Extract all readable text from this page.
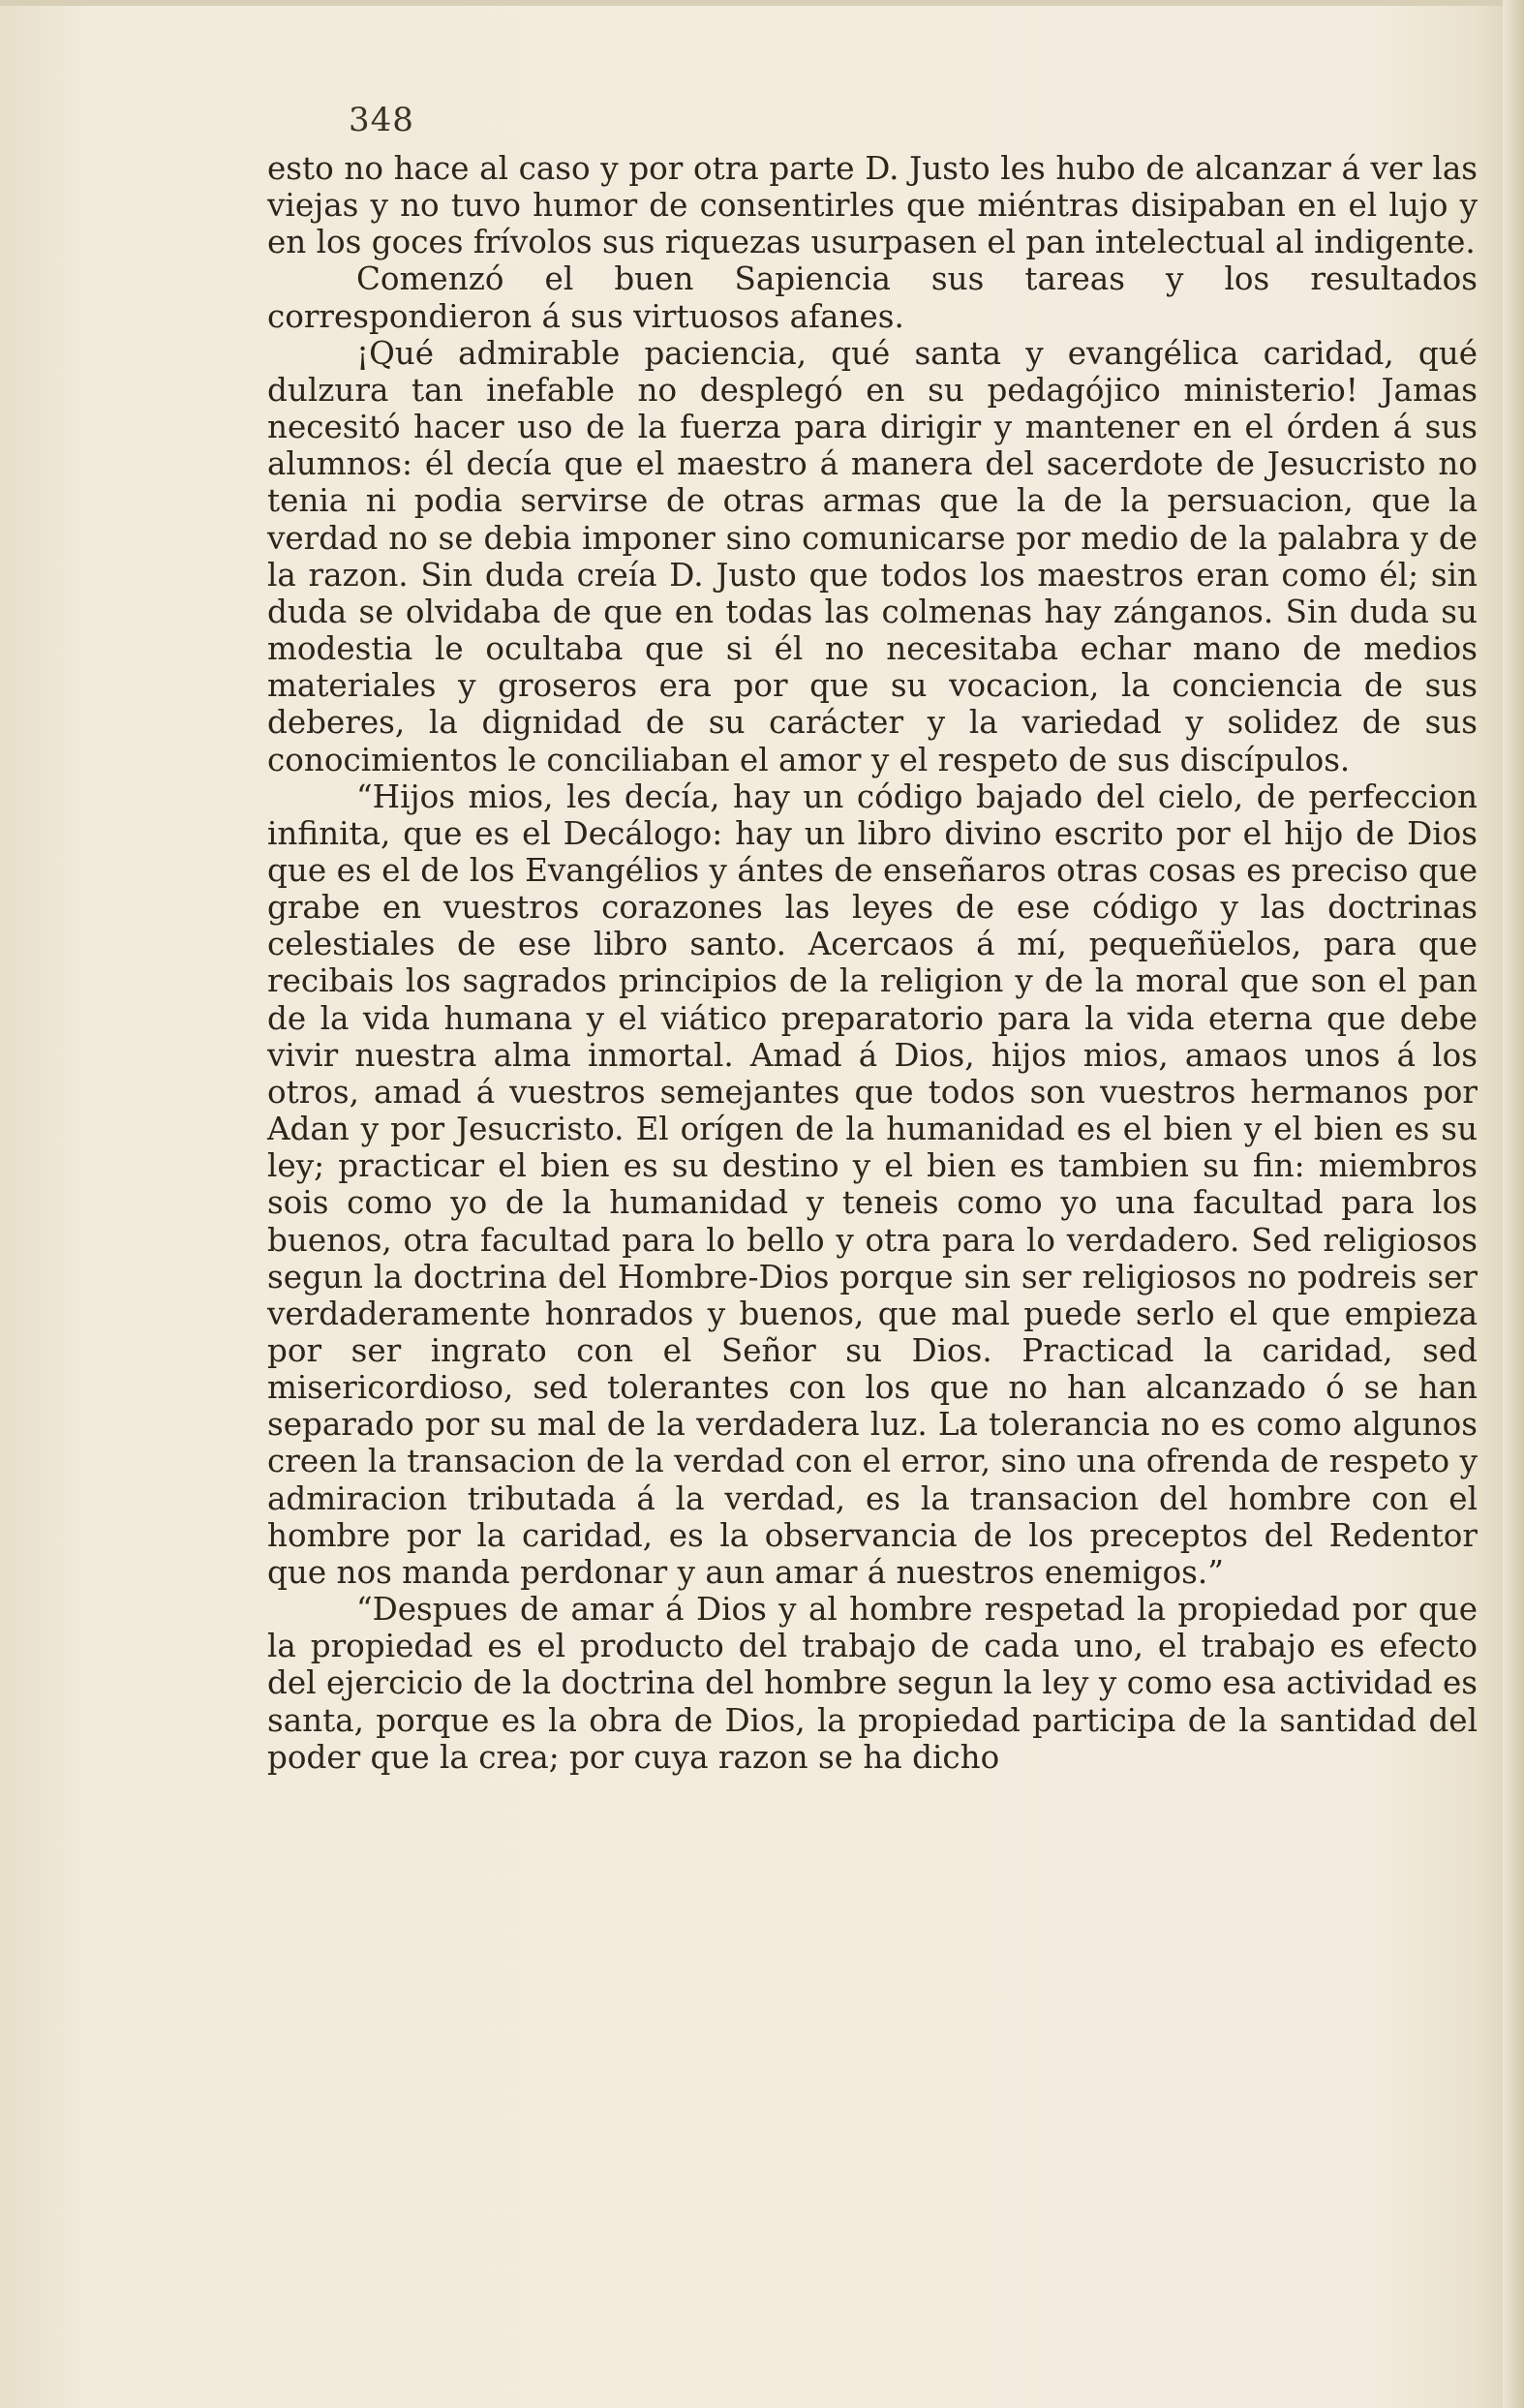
348

esto no hace al caso y por otra parte D. Justo les hubo de alcanzar á ver las viejas y no tuvo humor de consentirles que miéntras disipaban en el lujo y en los goces frívolos sus riquezas usurpasen el pan intelectual al indigente.

Comenzó el buen Sapiencia sus tareas y los resultados correspondieron á sus virtuosos afanes.

¡Qué admirable paciencia, qué santa y evangélica caridad, qué dulzura tan inefable no desplegó en su pedagójico ministerio! Jamas necesitó hacer uso de la fuerza para dirigir y mantener en el órden á sus alumnos: él decía que el maestro á manera del sacerdote de Jesucristo no tenia ni podia servirse de otras armas que la de la persuacion, que la verdad no se debia imponer sino comunicarse por medio de la palabra y de la razon. Sin duda creía D. Justo que todos los maestros eran como él; sin duda se olvidaba de que en todas las colmenas hay zánganos. Sin duda su modestia le ocultaba que si él no necesitaba echar mano de medios materiales y groseros era por que su vocacion, la conciencia de sus deberes, la dignidad de su carácter y la variedad y solidez de sus conocimientos le conciliaban el amor y el respeto de sus discípulos.

“Hijos mios, les decía, hay un código bajado del cielo, de perfeccion infinita, que es el Decálogo: hay un libro divino escrito por el hijo de Dios que es el de los Evangélios y ántes de enseñaros otras cosas es preciso que grabe en vuestros corazones las leyes de ese código y las doctrinas celestiales de ese libro santo. Acercaos á mí, pequeñüelos, para que recibais los sagrados principios de la religion y de la moral que son el pan de la vida humana y el viático preparatorio para la vida eterna que debe vivir nuestra alma inmortal. Amad á Dios, hijos mios, amaos unos á los otros, amad á vuestros semejantes que todos son vuestros hermanos por Adan y por Jesucristo. El orígen de la humanidad es el bien y el bien es su ley; practicar el bien es su destino y el bien es tambien su fin: miembros sois como yo de la humanidad y teneis como yo una facultad para los buenos, otra facultad para lo bello y otra para lo verdadero. Sed religiosos segun la doctrina del Hombre-Dios porque sin ser religiosos no podreis ser verdaderamente honrados y buenos, que mal puede serlo el que empieza por ser ingrato con el Señor su Dios. Practicad la caridad, sed misericordioso, sed tolerantes con los que no han alcanzado ó se han separado por su mal de la verdadera luz. La tolerancia no es como algunos creen la transacion de la verdad con el error, sino una ofrenda de respeto y admiracion tributada á la verdad, es la transacion del hombre con el hombre por la caridad, es la observancia de los preceptos del Redentor que nos manda perdonar y aun amar á nuestros enemigos.”

“Despues de amar á Dios y al hombre respetad la propiedad por que la propiedad es el producto del trabajo de cada uno, el trabajo es efecto del ejercicio de la doctrina del hombre segun la ley y como esa actividad es santa, porque es la obra de Dios, la propiedad participa de la santidad del poder que la crea; por cuya razon se ha dicho
